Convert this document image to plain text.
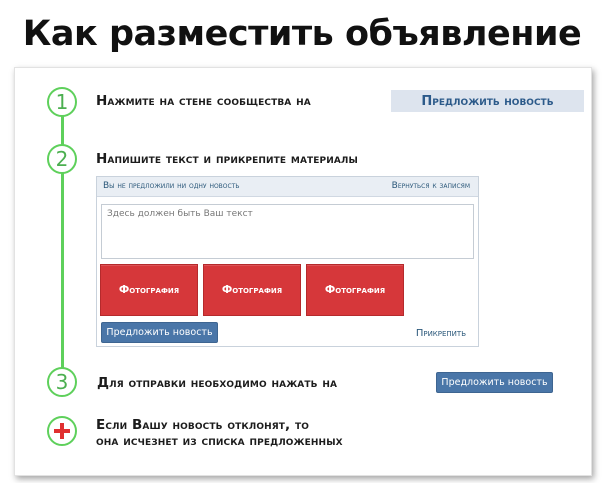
Как разместить объявление
1	Нажмите на стене сообщества на	Предложить новость
2	Напишите текст и прикрепите материалы
Вы не предложили ни одну новость	Вернуться к записям
Здесь должен быть Ваш текст
Фотография	Фотография	Фотография
Предложить новость	Прикрепить
3	Для отправки необходимо нажать на	Предложить новость
Если Вашу новость отклонят, то
она исчезнет из списка предложенных
